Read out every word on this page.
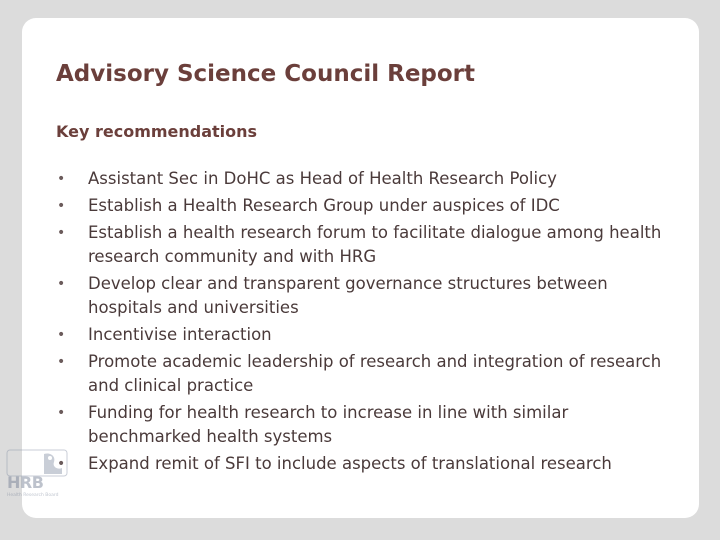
Advisory Science Council Report
Key recommendations
• Assistant Sec in DoHC as Head of Health Research Policy
• Establish a Health Research Group under auspices of IDC
• Establish a health research forum to facilitate dialogue among health research community and with HRG
• Develop clear and transparent governance structures between hospitals and universities
• Incentivise interaction
• Promote academic leadership of research and integration of research and clinical practice
• Funding for health research to increase in line with similar benchmarked health systems
• Expand remit of SFI to include aspects of translational research
HRB
Health Research Board
